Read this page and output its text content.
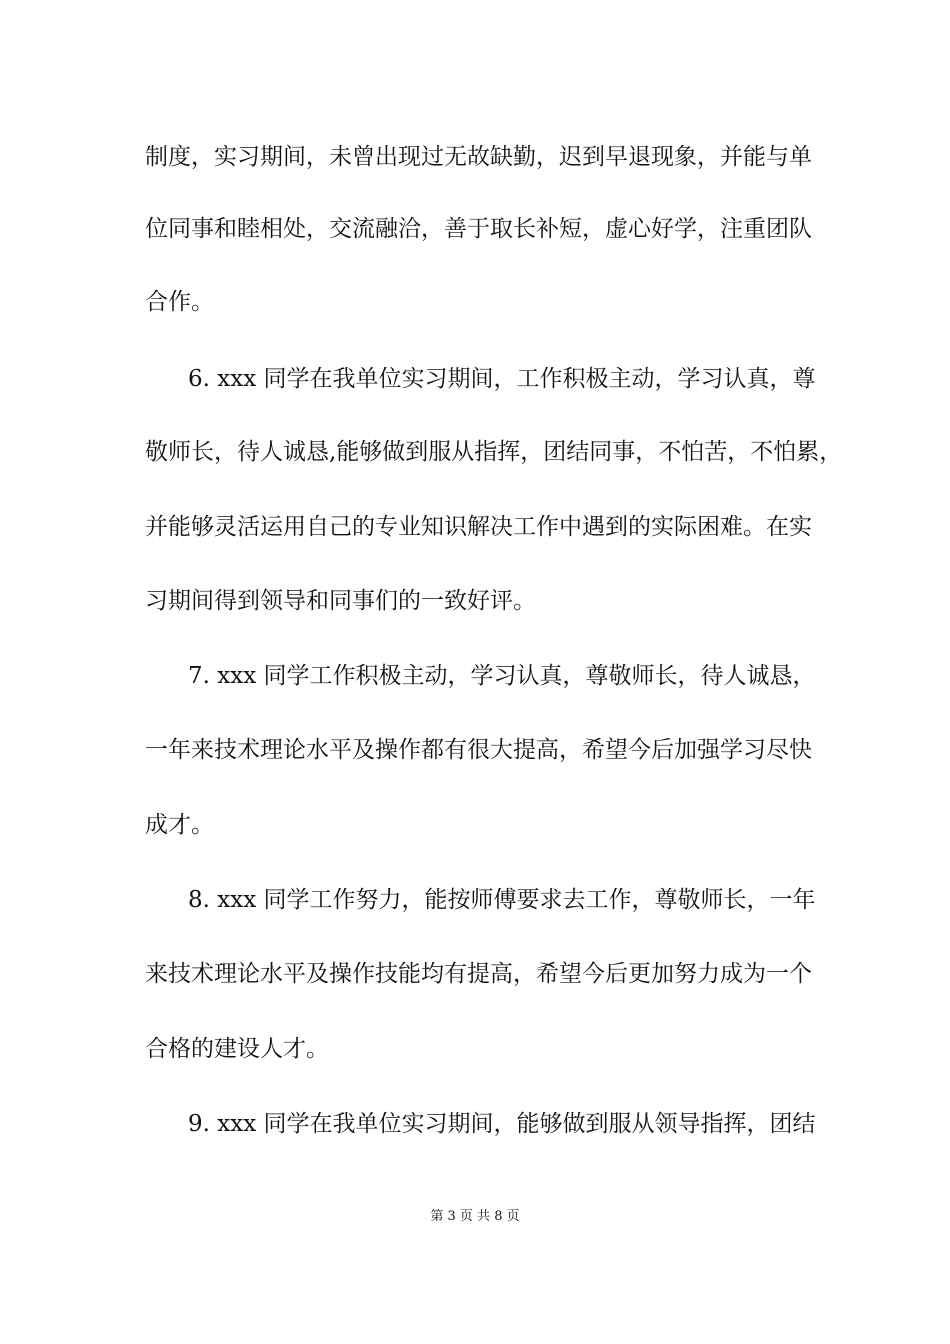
制度，实习期间，未曾出现过无故缺勤，迟到早退现象，并能与单
位同事和睦相处，交流融洽，善于取长补短，虚心好学，注重团队
合作。
6. xxx 同学在我单位实习期间，工作积极主动，学习认真，尊
敬师长，待人诚恳,能够做到服从指挥，团结同事，不怕苦，不怕累，
并能够灵活运用自己的专业知识解决工作中遇到的实际困难。在实
习期间得到领导和同事们的一致好评。
7. xxx 同学工作积极主动，学习认真，尊敬师长，待人诚恳，
一年来技术理论水平及操作都有很大提高，希望今后加强学习尽快
成才。
8. xxx 同学工作努力，能按师傅要求去工作，尊敬师长，一年
来技术理论水平及操作技能均有提高，希望今后更加努力成为一个
合格的建设人才。
9. xxx 同学在我单位实习期间，能够做到服从领导指挥，团结
第 3 页 共 8 页
